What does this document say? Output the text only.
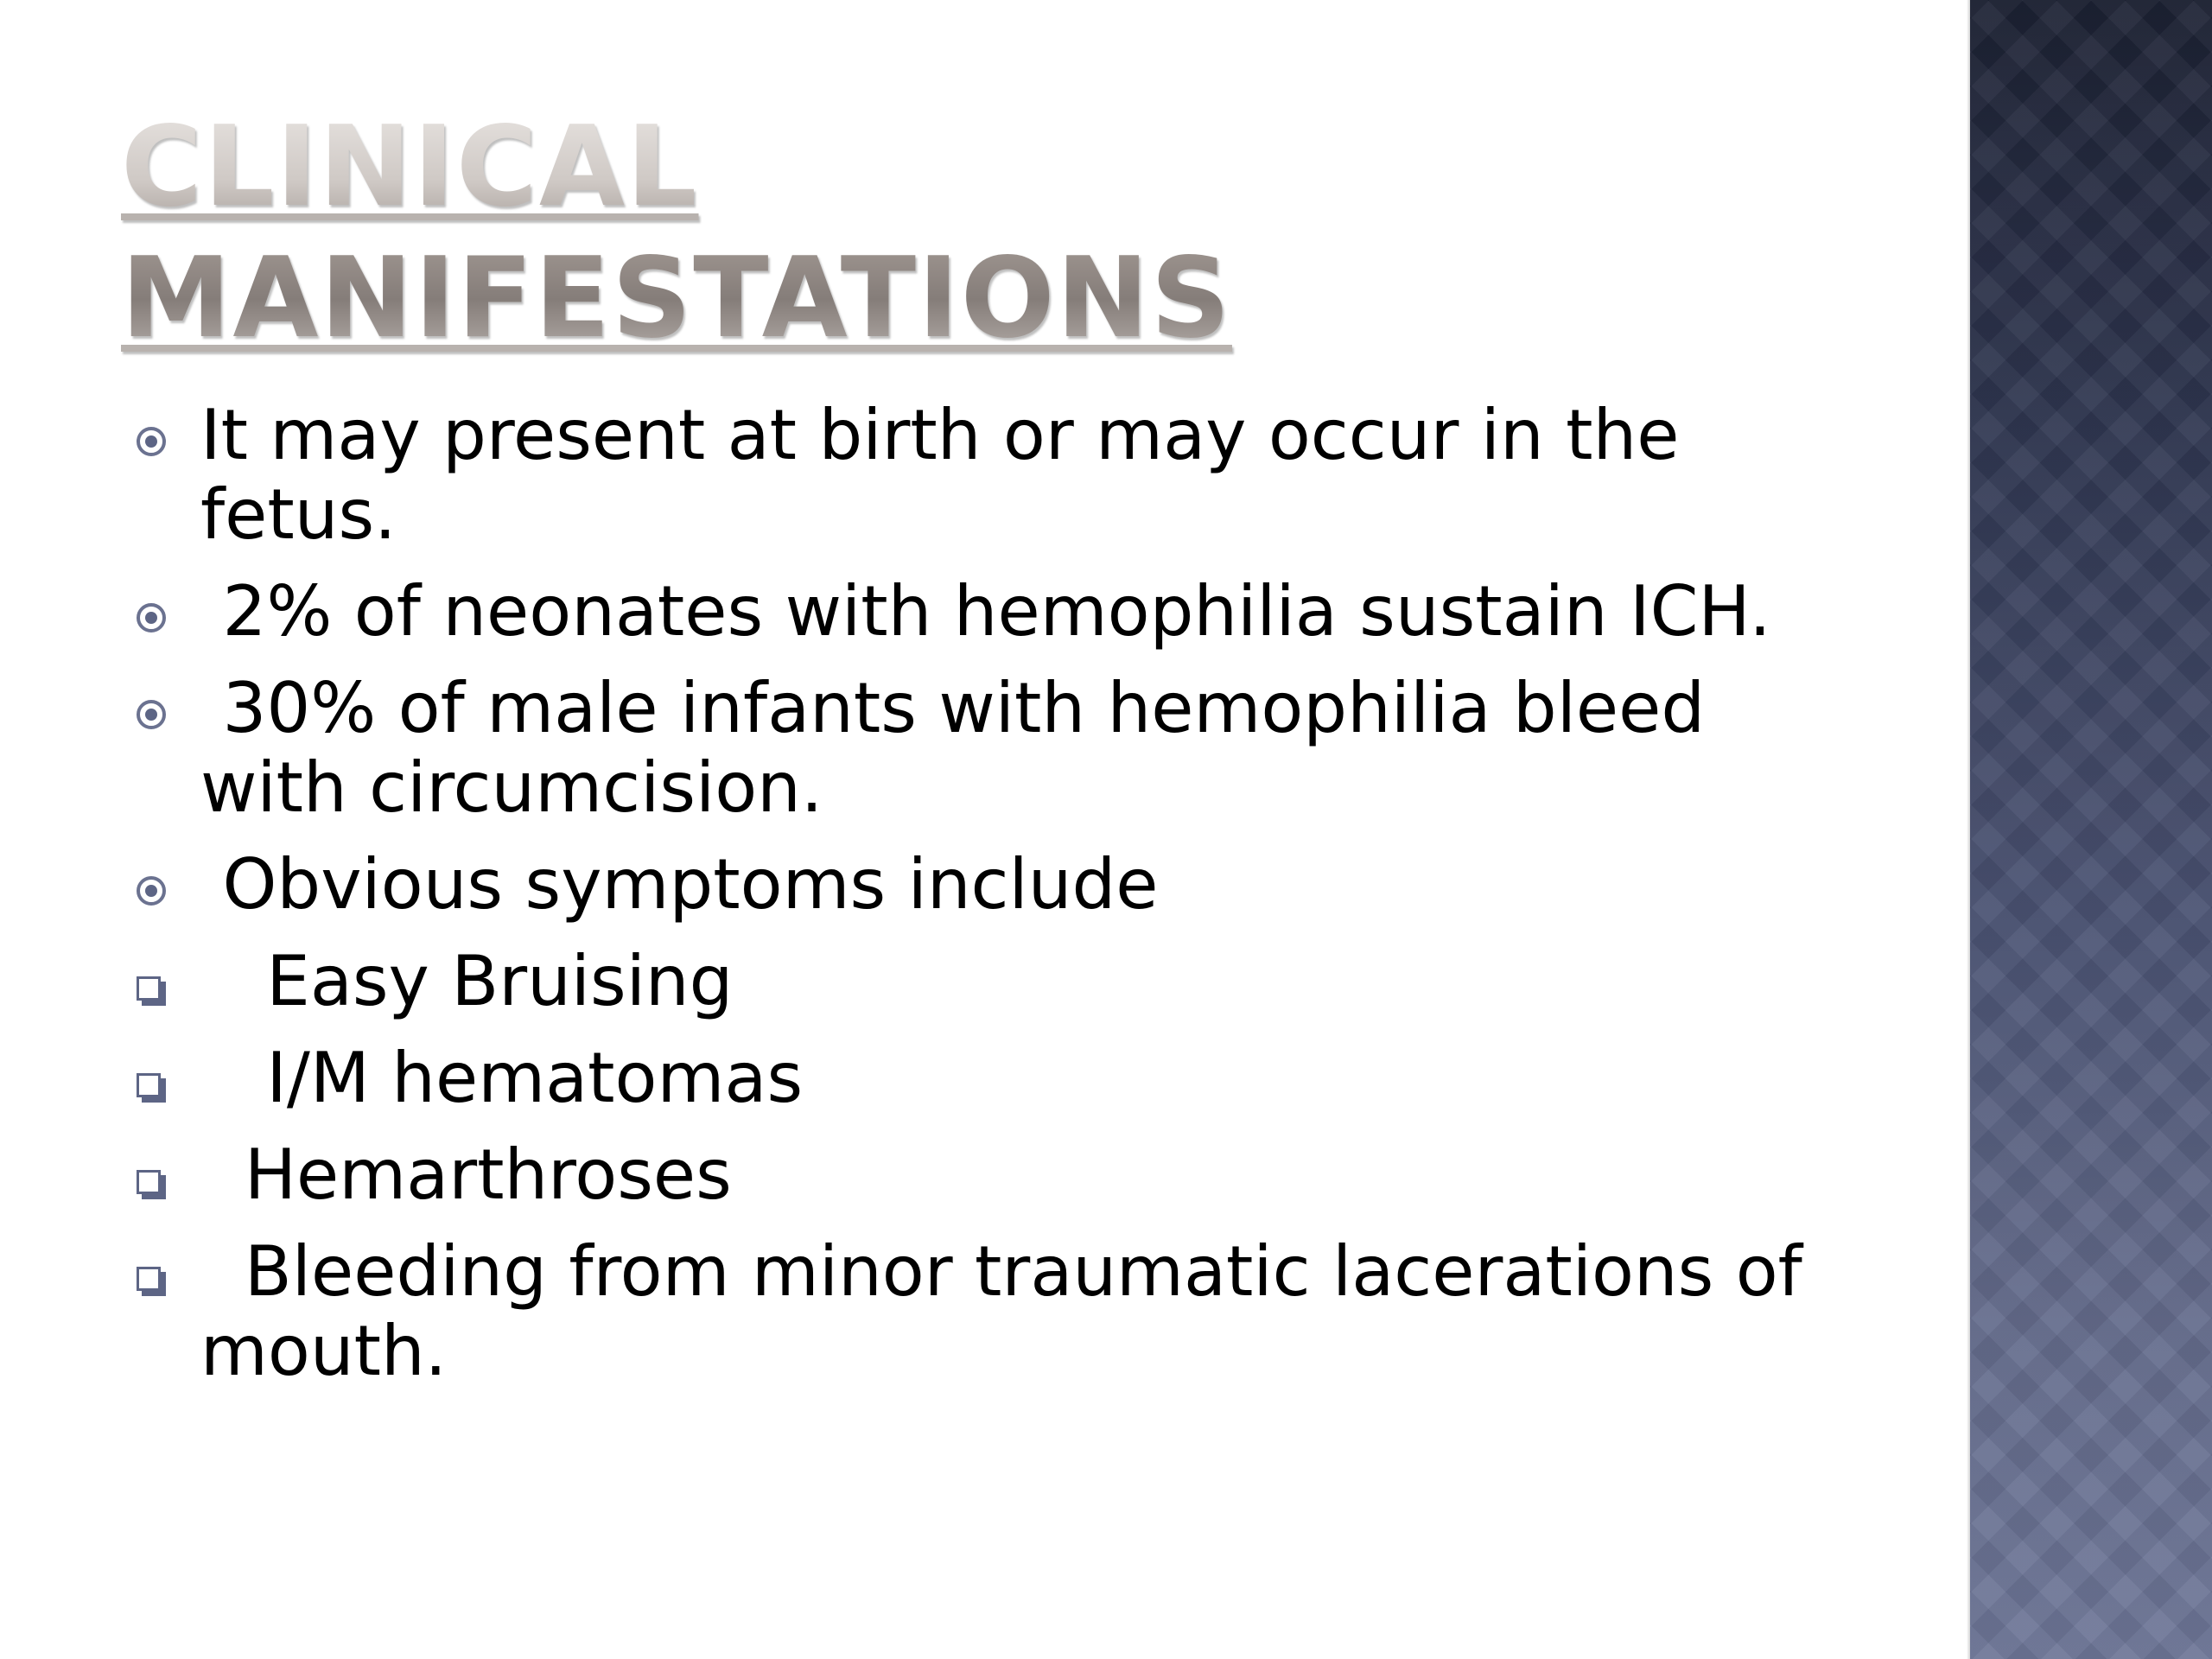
CLINICAL
MANIFESTATIONS
It may present at birth or may occur in the fetus.
2% of neonates with hemophilia sustain ICH.
30% of male infants with hemophilia bleed with circumcision.
Obvious symptoms include
Easy Bruising
I/M hematomas
Hemarthroses
Bleeding from minor traumatic lacerations of mouth.
